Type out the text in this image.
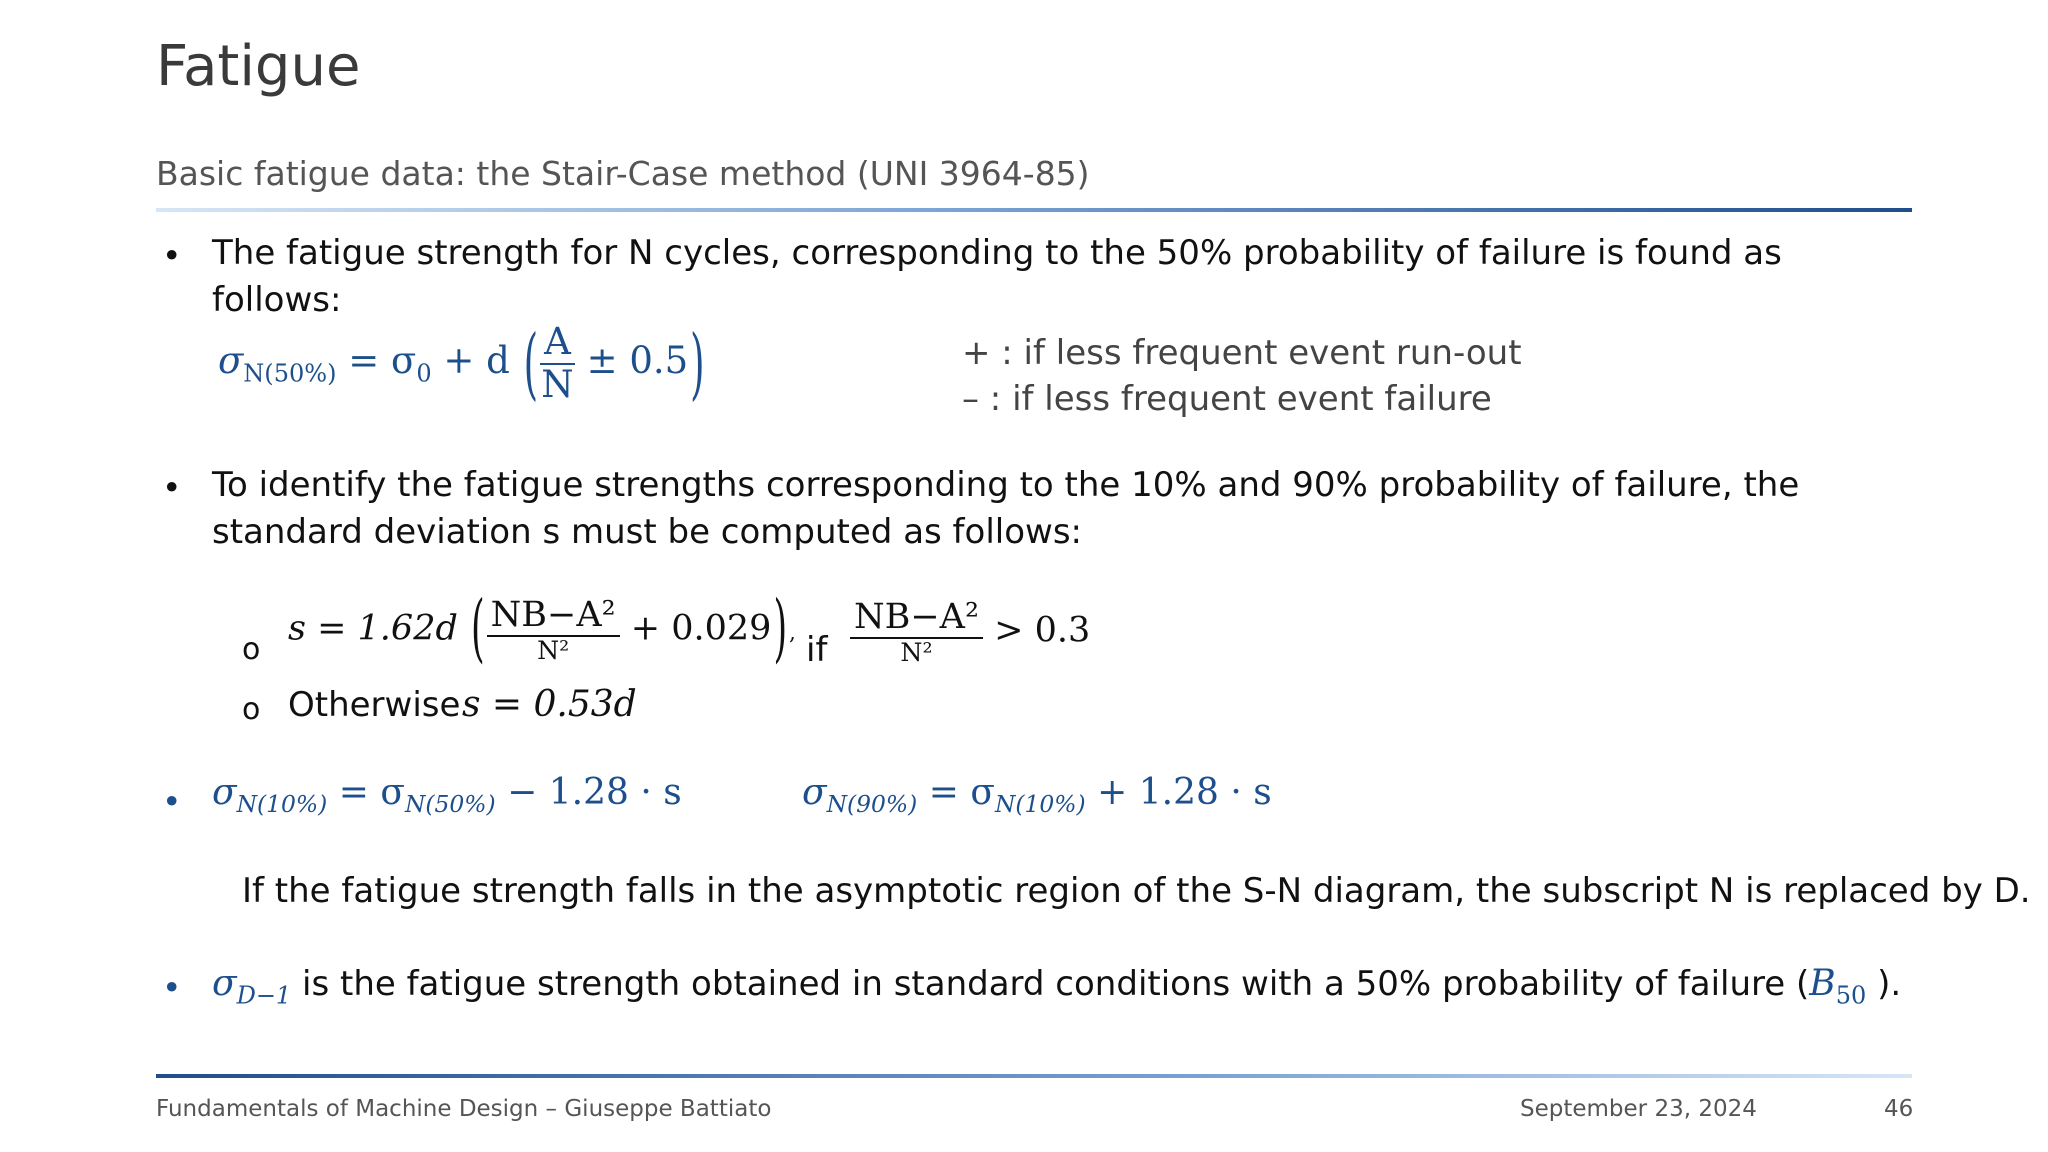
Fatigue
Basic fatigue data: the Stair-Case method (UNI 3964-85)
• The fatigue strength for N cycles, corresponding to the 50% probability of failure is found as follows:
$\sigma_{N(50\%)} = \sigma_0 + d$ ( $\frac{A}{N} \pm 0.5$)	+ : if less frequent event run-out
– : if less frequent event failure
• To identify the fatigue strengths corresponding to the 10% and 90% probability of failure, the standard deviation s must be computed as follows:
o
s = 1.62d ( $\frac{\text{NB−A²}}{\text{N²}} + 0.029$), if $\frac{\text{NB−A²}}{\text{N²}} > 0.3$
o Otherwise s = 0.53d
• $\sigma_{N(10\%)} = \sigma_{N(50\%)} - 1.28 \cdot s$	$\sigma_{N(90\%)} = \sigma_{N(10\%)} + 1.28 \cdot s$
If the fatigue strength falls in the asymptotic region of the S-N diagram, the subscript N is replaced by D.
• $\sigma_{D-1}$ is the fatigue strength obtained in standard conditions with a 50% probability of failure ($B_{50}$ ).
Fundamentals of Machine Design – Giuseppe Battiato	September 23, 2024	46
